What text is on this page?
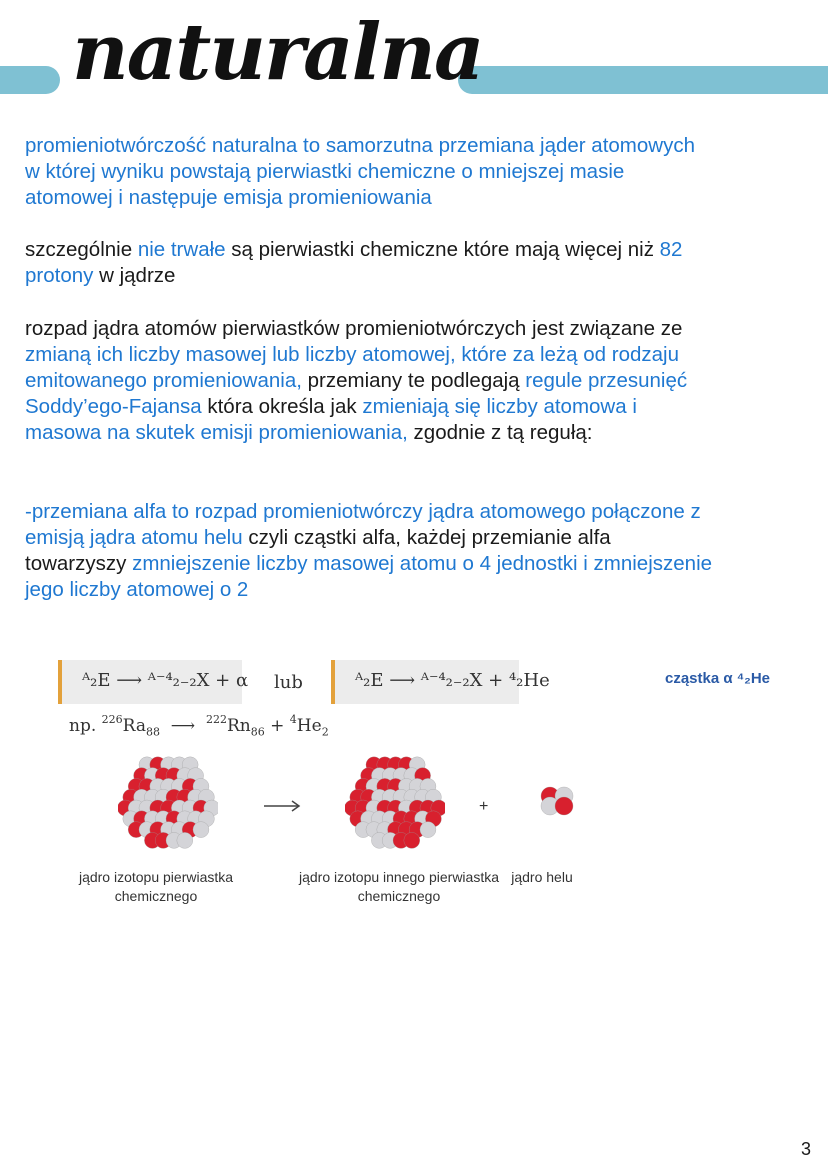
naturalna
promieniotwórczość naturalna to samorzutna przemiana jąder atomowych w której wyniku powstają pierwiastki chemiczne o mniejszej masie atomowej i następuje emisja promieniowania
szczególnie nie trwałe są pierwiastki chemiczne które mają więcej niż 82 protony w jądrze
rozpad jądra atomów pierwiastków promieniotwórczych jest związane ze zmianą ich liczby masowej lub liczby atomowej, które za leżą od rodzaju emitowanego promieniowania, przemiany te podlegają regule przesunięć Soddy’ego-Fajansa która określa jak zmieniają się liczby atomowa i masowa na skutek emisji promieniowania, zgodnie z tą regułą:
-przemiana alfa to rozpad promieniotwórczy jądra atomowego połączone z emisją jądra atomu helu czyli cząstki alfa, każdej przemianie alfa towarzyszy zmniejszenie liczby masowej atomu o 4 jednostki i zmniejszenie jego liczby atomowej o 2
ᴬ₂E ⟶ ᴬ⁻⁴₂₋₂X + α lub	ᴬ₂E ⟶ ᴬ⁻⁴₂₋₂X + ⁴₂He	cząstka α ⁴₂He
np. $^{226}Ra_{88}$  ⟶  $^{222}Rn_{86} + ^4He_2$
+
jądro izotopu pierwiastka chemicznego
jądro izotopu innego pierwiastka chemicznego
jądro helu
3
